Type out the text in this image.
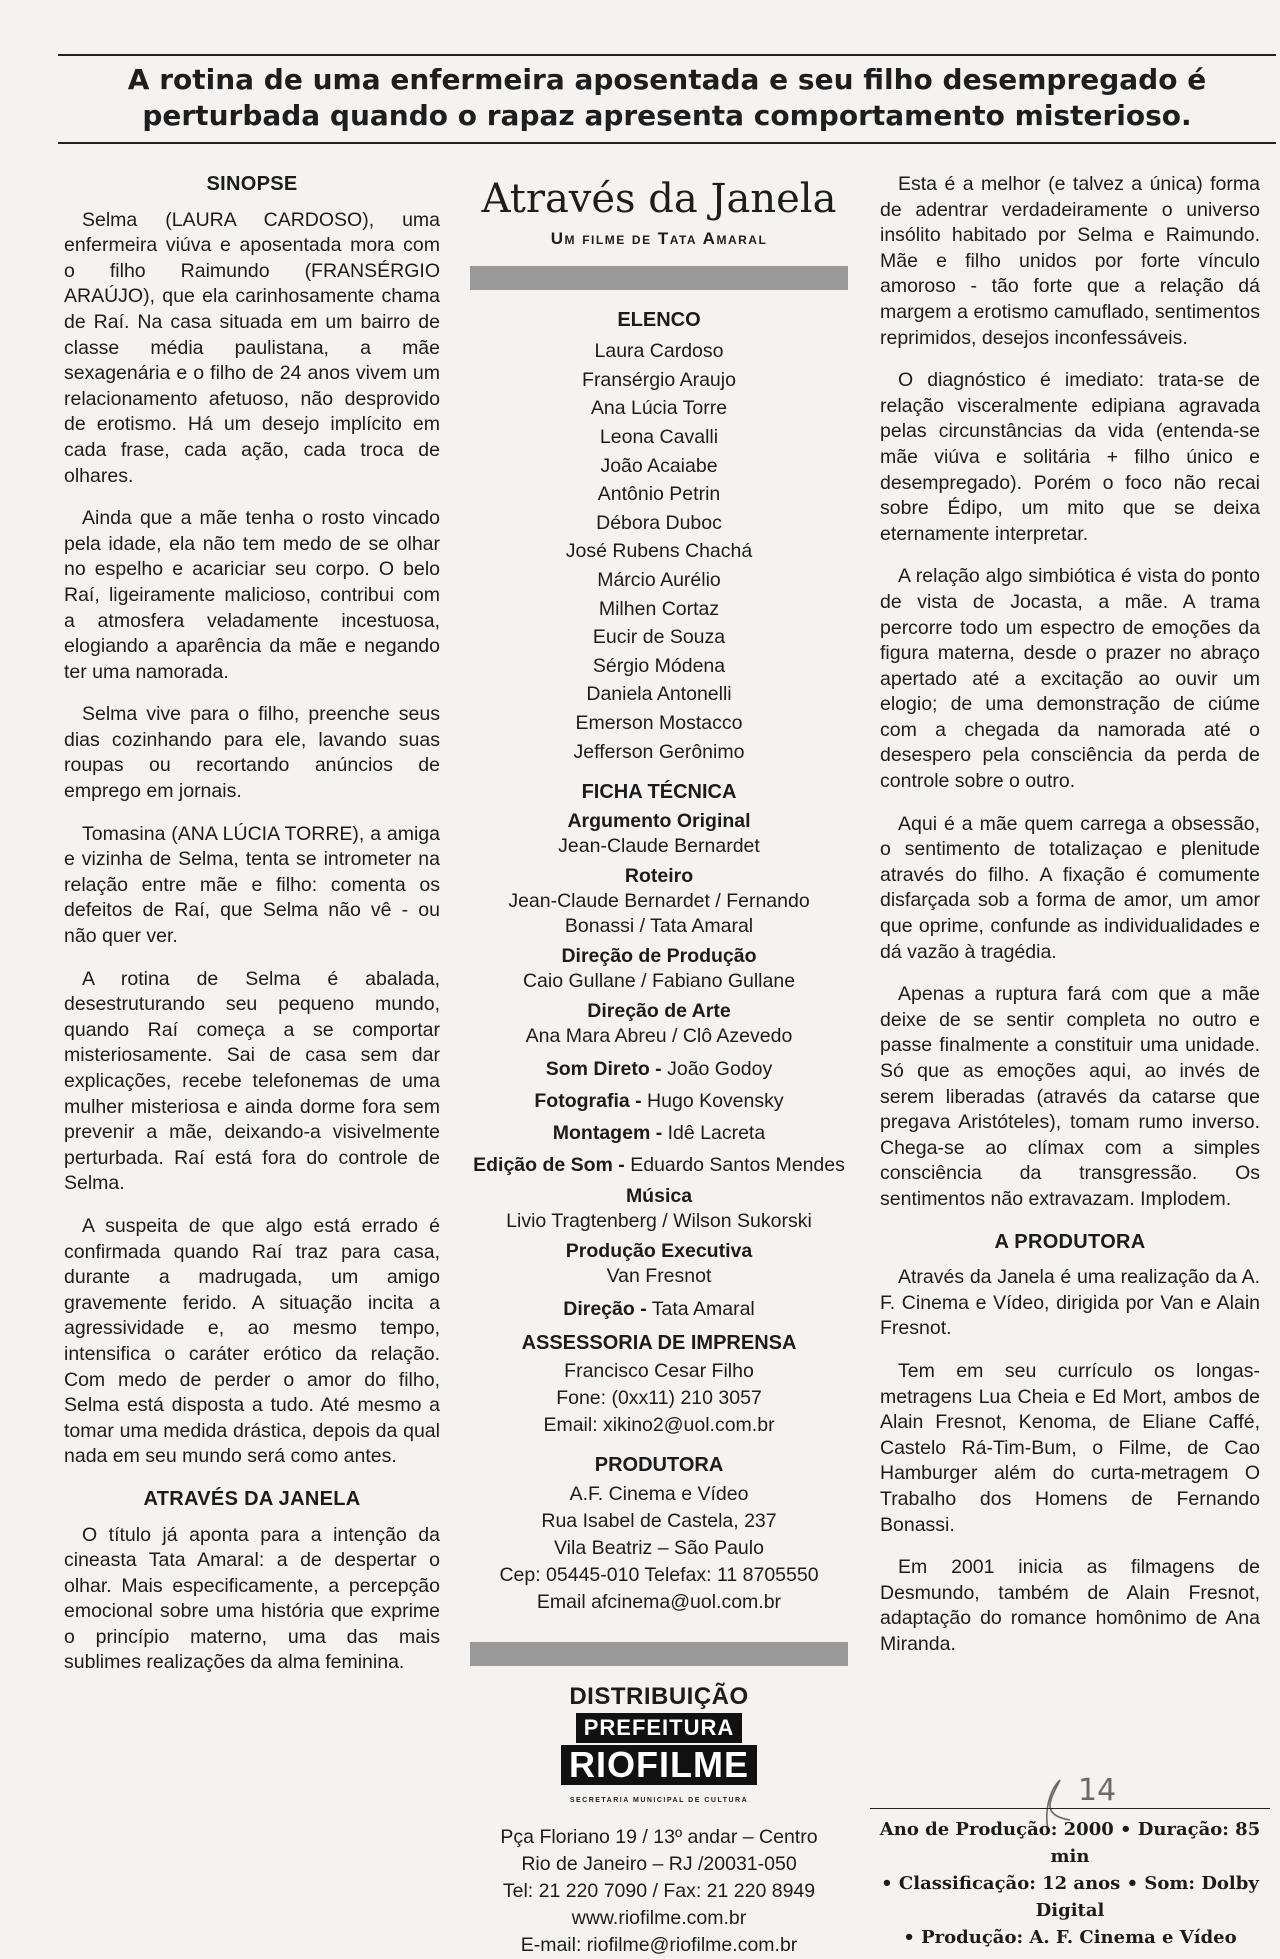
A rotina de uma enfermeira aposentada e seu filho desempregado é perturbada quando o rapaz apresenta comportamento misterioso.
SINOPSE

Selma (LAURA CARDOSO), uma enfermeira viúva e aposentada mora com o filho Raimundo (FRANSÉRGIO ARAÚJO), que ela carinhosamente chama de Raí. Na casa situada em um bairro de classe média paulistana, a mãe sexagenária e o filho de 24 anos vivem um relacionamento afetuoso, não desprovido de erotismo. Há um desejo implícito em cada frase, cada ação, cada troca de olhares.

Ainda que a mãe tenha o rosto vincado pela idade, ela não tem medo de se olhar no espelho e acariciar seu corpo. O belo Raí, ligeiramente malicioso, contribui com a atmosfera veladamente incestuosa, elogiando a aparência da mãe e negando ter uma namorada.

Selma vive para o filho, preenche seus dias cozinhando para ele, lavando suas roupas ou recortando anúncios de emprego em jornais.

Tomasina (ANA LÚCIA TORRE), a amiga e vizinha de Selma, tenta se intrometer na relação entre mãe e filho: comenta os defeitos de Raí, que Selma não vê - ou não quer ver.

A rotina de Selma é abalada, desestruturando seu pequeno mundo, quando Raí começa a se comportar misteriosamente. Sai de casa sem dar explicações, recebe telefonemas de uma mulher misteriosa e ainda dorme fora sem prevenir a mãe, deixando-a visivelmente perturbada. Raí está fora do controle de Selma.

A suspeita de que algo está errado é confirmada quando Raí traz para casa, durante a madrugada, um amigo gravemente ferido. A situação incita a agressividade e, ao mesmo tempo, intensifica o caráter erótico da relação. Com medo de perder o amor do filho, Selma está disposta a tudo. Até mesmo a tomar uma medida drástica, depois da qual nada em seu mundo será como antes.

ATRAVÉS DA JANELA

O título já aponta para a intenção da cineasta Tata Amaral: a de despertar o olhar. Mais especificamente, a percepção emocional sobre uma história que exprime o princípio materno, uma das mais sublimes realizações da alma feminina.

Através da Janela
Um filme de Tata Amaral
ELENCO
Laura Cardoso
Fransérgio Araujo
Ana Lúcia Torre
Leona Cavalli
João Acaiabe
Antônio Petrin
Débora Duboc
José Rubens Chachá
Márcio Aurélio
Milhen Cortaz
Eucir de Souza
Sérgio Módena
Daniela Antonelli
Emerson Mostacco
Jefferson Gerônimo
FICHA TÉCNICA
Argumento Original
Jean-Claude Bernardet
Roteiro
Jean-Claude Bernardet / Fernando
Bonassi / Tata Amaral
Direção de Produção
Caio Gullane / Fabiano Gullane
Direção de Arte
Ana Mara Abreu / Clô Azevedo
Som Direto - João Godoy
Fotografia - Hugo Kovensky
Montagem - Idê Lacreta
Edição de Som - Eduardo Santos Mendes
Música
Livio Tragtenberg / Wilson Sukorski
Produção Executiva
Van Fresnot
Direção - Tata Amaral
ASSESSORIA DE IMPRENSA
Francisco Cesar Filho
Fone: (0xx11) 210 3057
Email: xikino2@uol.com.br
PRODUTORA
A.F. Cinema e Vídeo
Rua Isabel de Castela, 237
Vila Beatriz – São Paulo
Cep: 05445-010 Telefax: 11 8705550
Email afcinema@uol.com.br
DISTRIBUIÇÃO
PREFEITURA
RIOFILME
SECRETARIA MUNICIPAL DE CULTURA
Pça Floriano 19 / 13º andar – Centro
Rio de Janeiro – RJ /20031-050
Tel: 21 220 7090 / Fax: 21 220 8949
www.riofilme.com.br
E-mail: riofilme@riofilme.com.br

Esta é a melhor (e talvez a única) forma de adentrar verdadeiramente o universo insólito habitado por Selma e Raimundo. Mãe e filho unidos por forte vínculo amoroso - tão forte que a relação dá margem a erotismo camuflado, sentimentos reprimidos, desejos inconfessáveis.

O diagnóstico é imediato: trata-se de relação visceralmente edipiana agravada pelas circunstâncias da vida (entenda-se mãe viúva e solitária + filho único e desempregado). Porém o foco não recai sobre Édipo, um mito que se deixa eternamente interpretar.

A relação algo simbiótica é vista do ponto de vista de Jocasta, a mãe. A trama percorre todo um espectro de emoções da figura materna, desde o prazer no abraço apertado até a excitação ao ouvir um elogio; de uma demonstração de ciúme com a chegada da namorada até o desespero pela consciência da perda de controle sobre o outro.

Aqui é a mãe quem carrega a obsessão, o sentimento de totalizaçao e plenitude através do filho. A fixação é comumente disfarçada sob a forma de amor, um amor que oprime, confunde as individualidades e dá vazão à tragédia.

Apenas a ruptura fará com que a mãe deixe de se sentir completa no outro e passe finalmente a constituir uma unidade. Só que as emoções aqui, ao invés de serem liberadas (através da catarse que pregava Aristóteles), tomam rumo inverso. Chega-se ao clímax com a simples consciência da transgressão. Os sentimentos não extravazam. Implodem.

A PRODUTORA

Através da Janela é uma realização da A. F. Cinema e Vídeo, dirigida por Van e Alain Fresnot.

Tem em seu currículo os longas-metragens Lua Cheia e Ed Mort, ambos de Alain Fresnot, Kenoma, de Eliane Caffé, Castelo Rá-Tim-Bum, o Filme, de Cao Hamburger além do curta-metragem O Trabalho dos Homens de Fernando Bonassi.

Em 2001 inicia as filmagens de Desmundo, também de Alain Fresnot, adaptação do romance homônimo de Ana Miranda.

14
Ano de Produção: 2000 • Duração: 85 min
• Classificação: 12 anos • Som: Dolby Digital
• Produção: A. F. Cinema e Vídeo
